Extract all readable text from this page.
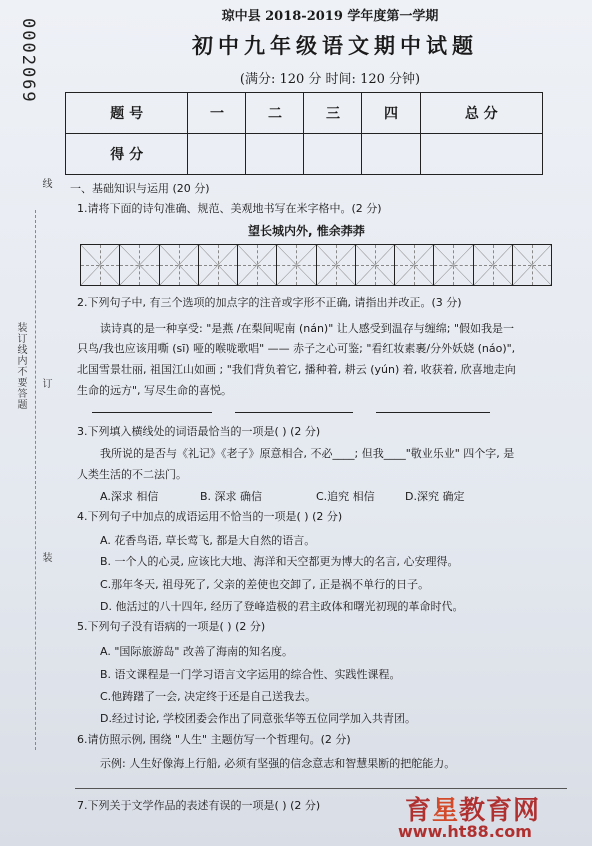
0002069
线
装订线内不要答题 订
装
琼中县 2018-2019 学年度第一学期
初中九年级语文期中试题
(满分: 120 分 时间: 120 分钟)
题 号	一	二	三	四	总 分
得 分					
一、基础知识与运用 (20 分)
1.请将下面的诗句准确、规范、美观地书写在米字格中。(2 分)
望长城内外, 惟余莽莽
2.下列句子中, 有三个选项的加点字的注音或字形不正确, 请指出并改正。(3 分)
读诗真的是一种享受: "是燕 /在梨间呢南 (nán)" 让人感受到温存与缠绵; "假如我是一
只鸟/我也应该用嘶 (sī) 哑的喉咙歌唱" —— 赤子之心可鉴; "看红妆素裹/分外妖娆 (náo)",
北国雪景壮丽, 祖国江山如画 ; "我们背负着它, 播种着, 耕云 (yún) 着, 收获着, 欣喜地走向
生命的远方", 写尽生命的喜悦。
3.下列填入横线处的词语最恰当的一项是( ) (2 分)
我所说的是否与《礼记》《老子》原意相合, 不必____; 但我____"敬业乐业" 四个字, 是
人类生活的不二法门。
A.深求 相信	B. 深求 确信	C.追究 相信	D.深究 确定
4.下列句子中加点的成语运用不恰当的一项是( ) (2 分)
A. 花香鸟语, 草长莺飞, 都是大自然的语言。
B. 一个人的心灵, 应该比大地、海洋和天空都更为博大的名言, 心安理得。
C.那年冬天, 祖母死了, 父亲的差使也交卸了, 正是祸不单行的日子。
D. 他活过的八十四年, 经历了登峰造极的君主政体和曙光初现的革命时代。
5.下列句子没有语病的一项是( ) (2 分)
A. "国际旅游岛" 改善了海南的知名度。
B. 语文课程是一门学习语言文字运用的综合性、实践性课程。
C.他踌躇了一会, 决定终于还是自己送我去。
D.经过讨论, 学校团委会作出了同意张华等五位同学加入共青团。
6.请仿照示例, 围绕 "人生" 主题仿写一个哲理句。(2 分)
示例: 人生好像海上行船, 必须有坚强的信念意志和智慧果断的把舵能力。
7.下列关于文学作品的表述有误的一项是( ) (2 分)	育星教育网
www.ht88.com
